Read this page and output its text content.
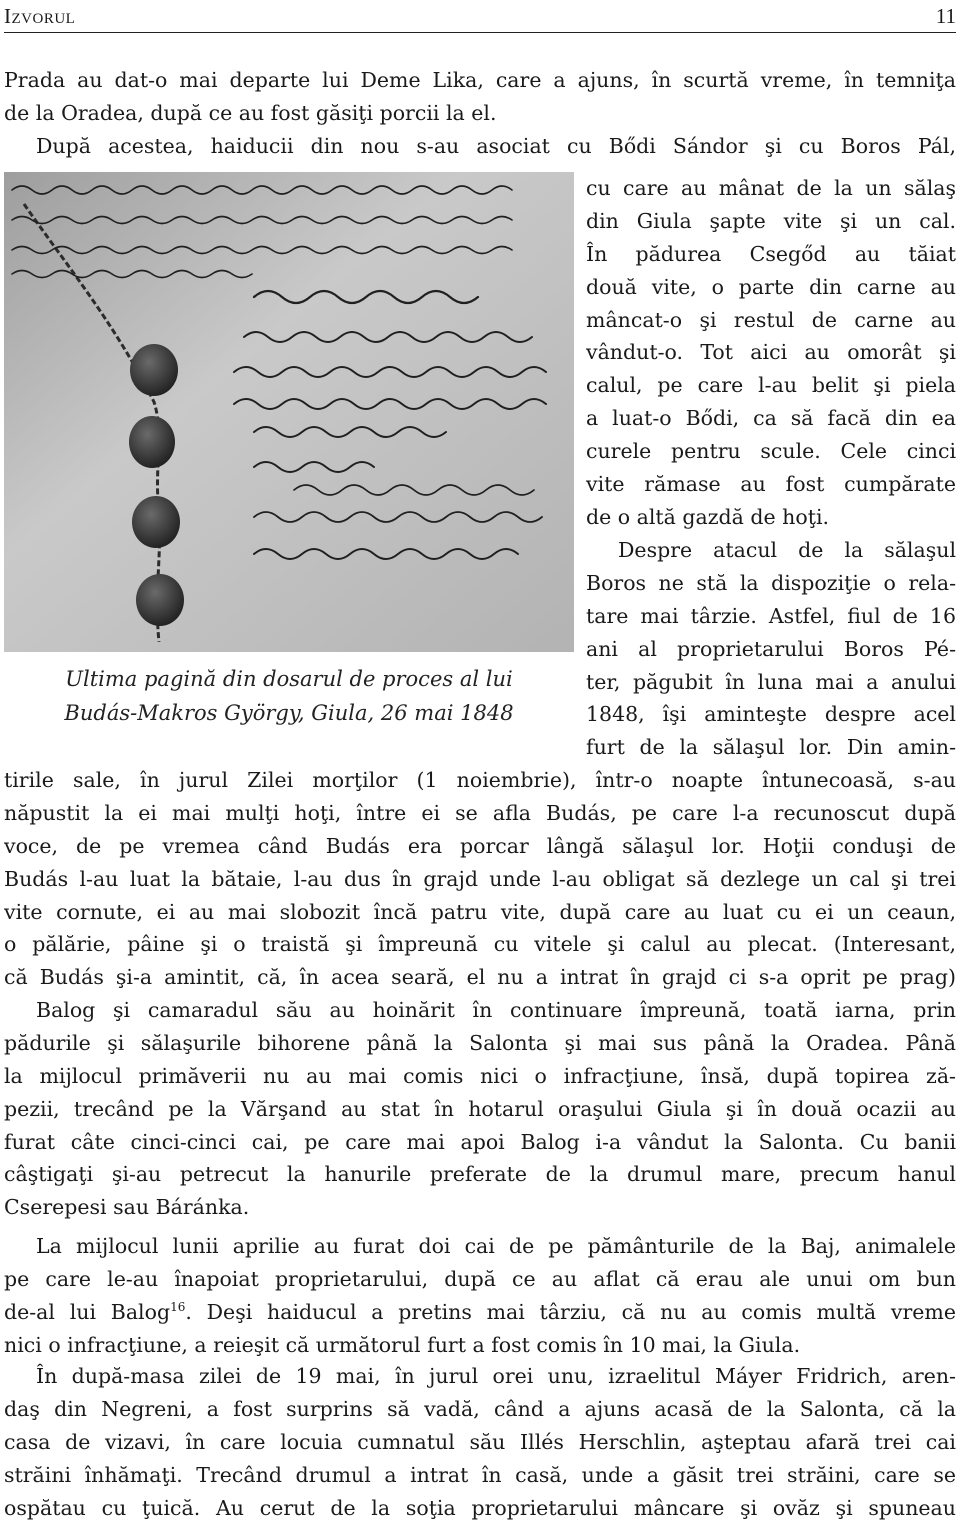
Izvorul	11
Prada au dat-o mai departe lui Deme Lika, care a ajuns, în scurtă vreme, în temniţa
de la Oradea, după ce au fost găsiţi porcii la el.
După acestea, haiducii din nou s-au asociat cu Bődi Sándor şi cu Boros Pál,
Ultima pagină din dosarul de proces al lui
Budás-Makros György, Giula, 26 mai 1848
cu care au mânat de la un sălaş
din Giula şapte vite şi un cal.
În pădurea Csegőd au tăiat
două vite, o parte din carne au
mâncat-o şi restul de carne au
vândut-o. Tot aici au omorât şi
calul, pe care l-au belit şi piela
a luat-o Bődi, ca să facă din ea
curele pentru scule. Cele cinci
vite rămase au fost cumpărate
de o altă gazdă de hoţi.
Despre atacul de la sălaşul
Boros ne stă la dispoziţie o rela-
tare mai târzie. Astfel, fiul de 16
ani al proprietarului Boros Pé-
ter, păgubit în luna mai a anului
1848, îşi aminteşte despre acel
furt de la sălaşul lor. Din amin-
tirile sale, în jurul Zilei morţilor (1 noiembrie), într-o noapte întunecoasă, s-au
năpustit la ei mai mulţi hoţi, între ei se afla Budás, pe care l-a recunoscut după
voce, de pe vremea când Budás era porcar lângă sălaşul lor. Hoţii conduşi de
Budás l-au luat la bătaie, l-au dus în grajd unde l-au obligat să dezlege un cal şi trei
vite cornute, ei au mai slobozit încă patru vite, după care au luat cu ei un ceaun,
o pălărie, pâine şi o traistă şi împreună cu vitele şi calul au plecat. (Interesant,
că Budás şi-a amintit, că, în acea seară, el nu a intrat în grajd ci s-a oprit pe prag)
Balog şi camaradul său au hoinărit în continuare împreună, toată iarna, prin
pădurile şi sălaşurile bihorene până la Salonta şi mai sus până la Oradea. Până
la mijlocul primăverii nu au mai comis nici o infracţiune, însă, după topirea ză-
pezii, trecând pe la Vărşand au stat în hotarul oraşului Giula şi în două ocazii au
furat câte cinci-cinci cai, pe care mai apoi Balog i-a vândut la Salonta. Cu banii
câştigaţi şi-au petrecut la hanurile preferate de la drumul mare, precum hanul
Cserepesi sau Báránka.
La mijlocul lunii aprilie au furat doi cai de pe pământurile de la Baj, animalele
pe care le-au înapoiat proprietarului, după ce au aflat că erau ale unui om bun
de-al lui Balog$^{16}$. Deşi haiducul a pretins mai târziu, că nu au comis multă vreme
nici o infracţiune, a reieşit că următorul furt a fost comis în 10 mai, la Giula.
În după-masa zilei de 19 mai, în jurul orei unu, izraelitul Máyer Fridrich, aren-
daş din Negreni, a fost surprins să vadă, când a ajuns acasă de la Salonta, că la
casa de vizavi, în care locuia cumnatul său Illés Herschlin, aşteptau afară trei cai
străini înhămaţi. Trecând drumul a intrat în casă, unde a găsit trei străini, care se
ospătau cu ţuică. Au cerut de la soţia proprietarului mâncare şi ovăz şi spuneau
